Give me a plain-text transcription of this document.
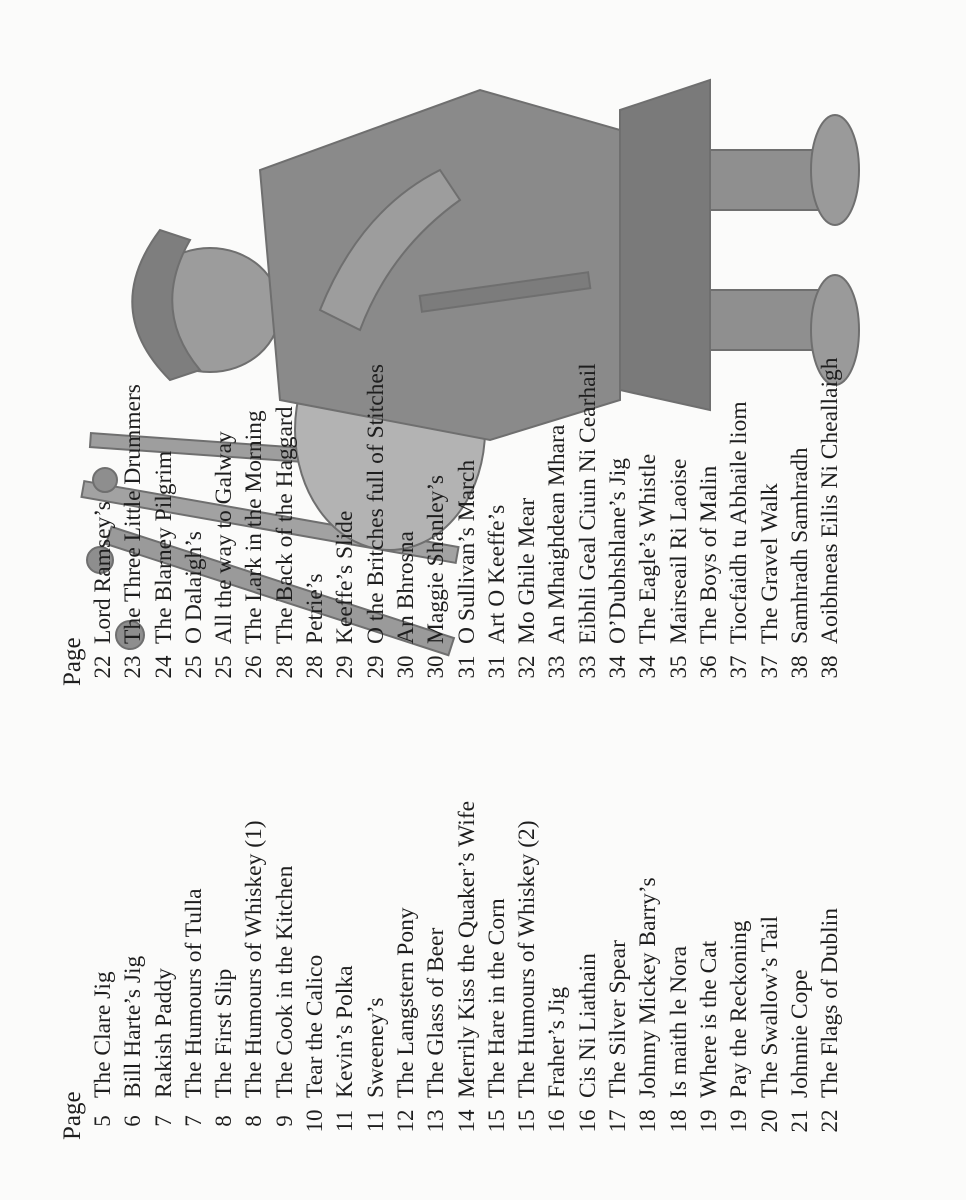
Page 5
The Clare Jig
6
Bill Harte’s Jig
7
Rakish Paddy
7
The Humours of Tulla
8
The First Slip
8
The Humours of Whiskey (1)
9
The Cook in the Kitchen
10
Tear the Calico
11
Kevin’s Polka
11
Sweeney’s
12
The Langstern Pony
13
The Glass of Beer
14
Merrily Kiss the Quaker’s Wife
15
The Hare in the Corn
15
The Humours of Whiskey (2)
16
Fraher’s Jig
16
Cis Ni Liathain
17
The Silver Spear
18
Johnny Mickey Barry’s
18
Is maith le Nora
19
Where is the Cat
19
Pay the Reckoning
20
The Swallow’s Tail
21
Johnnie Cope
22
The Flags of Dublin
Page 22
Lord Ramsey’s
23
The Three Little Drummers
24
The Blarney Pilgrim
25
O Dalaigh’s
25
All the way to Galway
26
The Lark in the Morning
28
The Back of the Haggard
28
Petrie’s
29
Keeffe’s Slide
29
O the Britches full of Stitches
30
An Bhrosna
30
Maggie Shanley’s
31
O Sullivan’s March
31
Art O Keeffe’s
32
Mo Ghile Mear
33
An Mhaighdean Mhara
33
Eibhli Geal Ciuin Ni Cearhail
34
O’Dubhshlane’s Jig
34
The Eagle’s Whistle
35
Mairseail Ri Laoise
36
The Boys of Malin
37
Tiocfaidh tu Abhaile liom
37
The Gravel Walk
38
Samhradh Samhradh
38
Aoibhneas Eilis Ni Cheallaigh
